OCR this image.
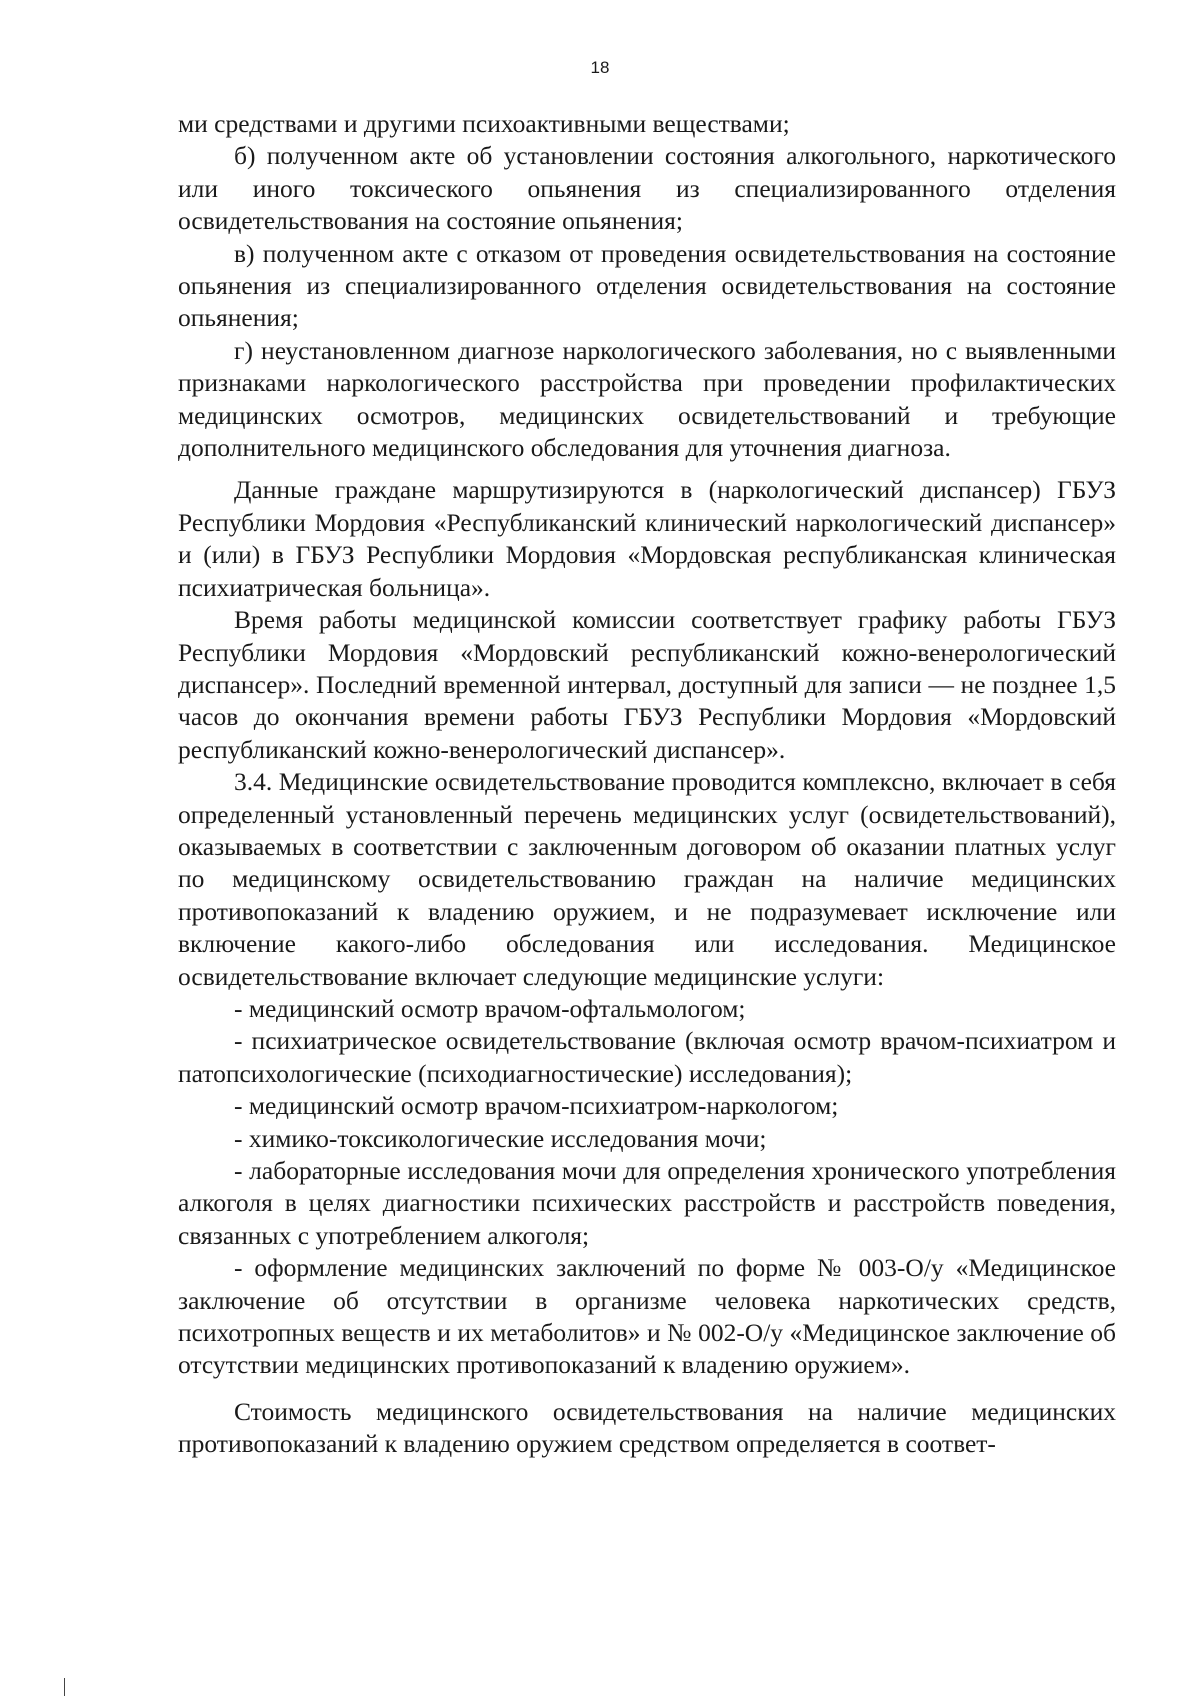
18

ми средствами и другими психоактивными веществами;

б) полученном акте об установлении состояния алкогольного, наркотического или иного токсического опьянения из специализированного отделения освидетельствования на состояние опьянения;

в) полученном акте с отказом от проведения освидетельствования на состояние опьянения из специализированного отделения освидетельствования на состояние опьянения;

г) неустановленном диагнозе наркологического заболевания, но с выявленными признаками наркологического расстройства при проведении профилактических медицинских осмотров, медицинских освидетельствований и требующие дополнительного медицинского обследования для уточнения диагноза.

Данные граждане маршрутизируются в (наркологический диспансер) ГБУЗ Республики Мордовия «Республиканский клинический наркологический диспансер» и (или) в ГБУЗ Республики Мордовия «Мордовская республиканская клиническая психиатрическая больница».

Время работы медицинской комиссии соответствует графику работы ГБУЗ Республики Мордовия «Мордовский республиканский кожно-венерологический диспансер». Последний временной интервал, доступный для записи — не позднее 1,5 часов до окончания времени работы ГБУЗ Республики Мордовия «Мордовский республиканский кожно-венерологический диспансер».

3.4. Медицинские освидетельствование проводится комплексно, включает в себя определенный установленный перечень медицинских услуг (освидетельствований), оказываемых в соответствии с заключенным договором об оказании платных услуг по медицинскому освидетельствованию граждан на наличие медицинских противопоказаний к владению оружием, и не подразумевает исключение или включение какого-либо обследования или исследования. Медицинское освидетельствование включает следующие медицинские услуги:

- медицинский осмотр врачом-офтальмологом;

- психиатрическое освидетельствование (включая осмотр врачом-психиатром и патопсихологические (психодиагностические) исследования);

- медицинский осмотр врачом-психиатром-наркологом;

- химико-токсикологические исследования мочи;

- лабораторные исследования мочи для определения хронического употребления алкоголя в целях диагностики психических расстройств и расстройств поведения, связанных с употреблением алкоголя;

- оформление медицинских заключений по форме № 003-О/у «Медицинское заключение об отсутствии в организме человека наркотических средств, психотропных веществ и их метаболитов» и № 002-О/у «Медицинское заключение об отсутствии медицинских противопоказаний к владению оружием».

Стоимость медицинского освидетельствования на наличие медицинских противопоказаний к владению оружием средством определяется в соответ-
